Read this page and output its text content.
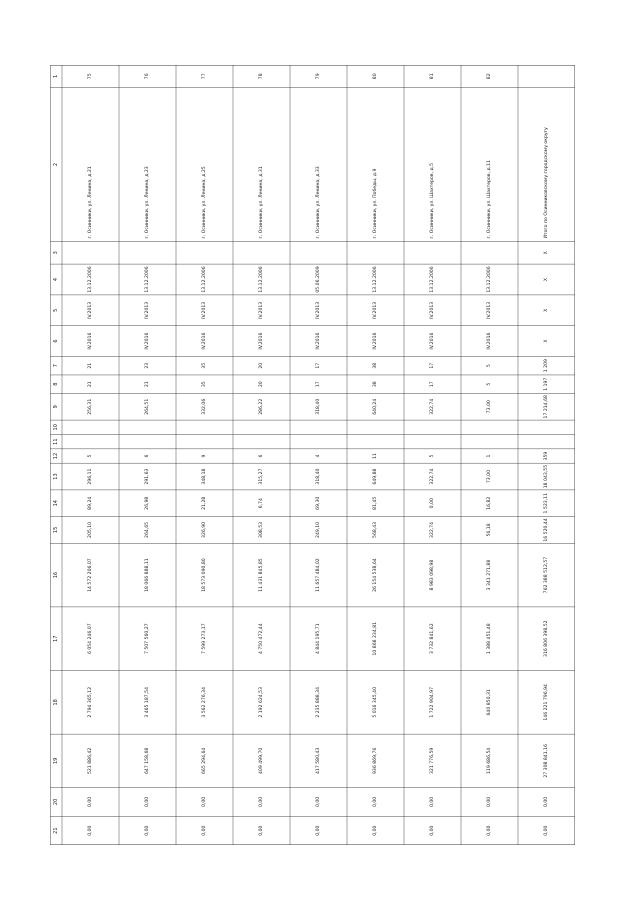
1
2
3
4
5
6
7
8
9
10
11
12
13
14
15
16
17
18
19
20
21
75
г. Осинники, ул. Ленина, д.21
13.12.2006
IV.2013
IV.2016
21
21
256,31
5
296,11
89,24
205,10
14 572 206,07
6 054 246,07
2 794 365,12
521 886,42
0,00
0,00
76
г. Осинники, ул. Ленина, д.23
13.12.2006
IV.2013
IV.2016
23
21
264,51
6
291,63
26,98
264,65
18 066 888,11
7 507 560,27
3 465 187,54
647 158,68
0,00
0,00
77
г. Осинники, ул. Ленина, д.25
13.12.2006
IV.2013
IV.2016
35
35
332,06
9
348,18
21,28
326,90
18 573 090,80
7 599 273,17
3 562 276,34
665 294,64
0,00
0,00
78
г. Осинники, ул. Ленина, д.31
13.12.2006
IV.2013
IV.2016
20
20
286,22
6
315,27
6,74
308,53
11 431 845,85
4 750 472,44
2 192 624,53
409 499,70
0,00
0,00
79
г. Осинники, ул. Ленина, д.33
05.06.2009
IV.2013
IV.2016
17
17
318,40
4
318,40
69,30
249,10
11 657 484,02
4 844 195,71
2 235 888,34
417 580,43
0,00
0,00
80
г. Осинники, ул. Победы, д.9
13.12.2006
IV.2013
IV.2016
38
38
640,24
11
649,88
81,45
568,43
26 154 538,64
10 868 234,81
5 016 345,40
936 869,76
0,00
0,00
81
г. Осинники, ул. Шахтеров, д.5
13.12.2006
IV.2013
IV.2016
17
17
322,74
5
322,74
0,00
322,74
8 983 098,98
3 732 841,62
1 722 904,97
321 776,59
0,00
0,00
82
г. Осинники, ул. Шахтеров, д.11
13.12.2006
IV.2013
IV.2016
5
5
73,00
1
73,00
16,82
56,18
3 341 271,88
1 388 451,48
640 850,31
119 686,54
0,00
0,00
Итого по Осинниковскому городскому округу
X
X
X
X
1 209
1 197
17 214,68
359
18 043,55
1 523,11
16 520,44
762 388 512,57
316 806 398,52
146 221 796,94
27 308 841,16
0,00
0,00
